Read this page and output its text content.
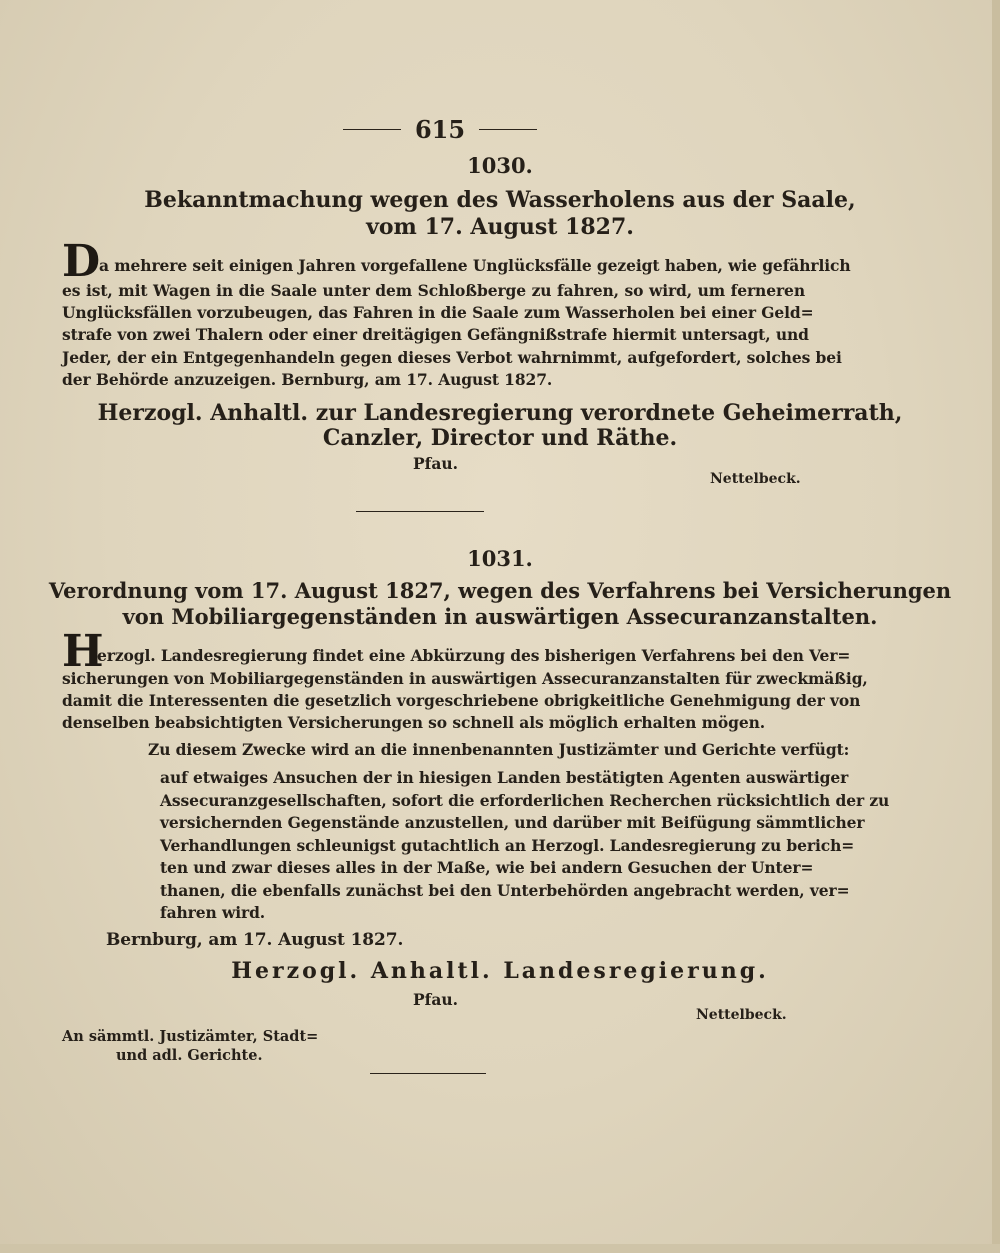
615
1030.
Bekanntmachung wegen des Wasserholens aus der Saale,
vom 17. August 1827.
D
a mehrere seit einigen Jahren vorgefallene Unglücksfälle gezeigt haben, wie gefährlich
es ist, mit Wagen in die Saale unter dem Schloßberge zu fahren, so wird, um ferneren
Unglücksfällen vorzubeugen, das Fahren in die Saale zum Wasserholen bei einer Geld=
strafe von zwei Thalern oder einer dreitägigen Gefängnißstrafe hiermit untersagt, und
Jeder, der ein Entgegenhandeln gegen dieses Verbot wahrnimmt, aufgefordert, solches bei
der Behörde anzuzeigen. Bernburg, am 17. August 1827.
Herzogl. Anhaltl. zur Landesregierung verordnete Geheimerrath,
Canzler, Director und Räthe.
Pfau.
Nettelbeck.
1031.
Verordnung vom 17. August 1827, wegen des Verfahrens bei Versicherungen
von Mobiliargegenständen in auswärtigen Assecuranzanstalten.
H
erzogl. Landesregierung findet eine Abkürzung des bisherigen Verfahrens bei den Ver=
sicherungen von Mobiliargegenständen in auswärtigen Assecuranzanstalten für zweckmäßig,
damit die Interessenten die gesetzlich vorgeschriebene obrigkeitliche Genehmigung der von
denselben beabsichtigten Versicherungen so schnell als möglich erhalten mögen.
Zu diesem Zwecke wird an die innenbenannten Justizämter und Gerichte verfügt:
auf etwaiges Ansuchen der in hiesigen Landen bestätigten Agenten auswärtiger
Assecuranzgesellschaften, sofort die erforderlichen Recherchen rücksichtlich der zu
versichernden Gegenstände anzustellen, und darüber mit Beifügung sämmtlicher
Verhandlungen schleunigst gutachtlich an Herzogl. Landesregierung zu berich=
ten und zwar dieses alles in der Maße, wie bei andern Gesuchen der Unter=
thanen, die ebenfalls zunächst bei den Unterbehörden angebracht werden, ver=
fahren wird.
Bernburg, am 17. August 1827.
Herzogl. Anhaltl. Landesregierung.
Pfau.
Nettelbeck.
An sämmtl. Justizämter, Stadt=
und adl. Gerichte.
